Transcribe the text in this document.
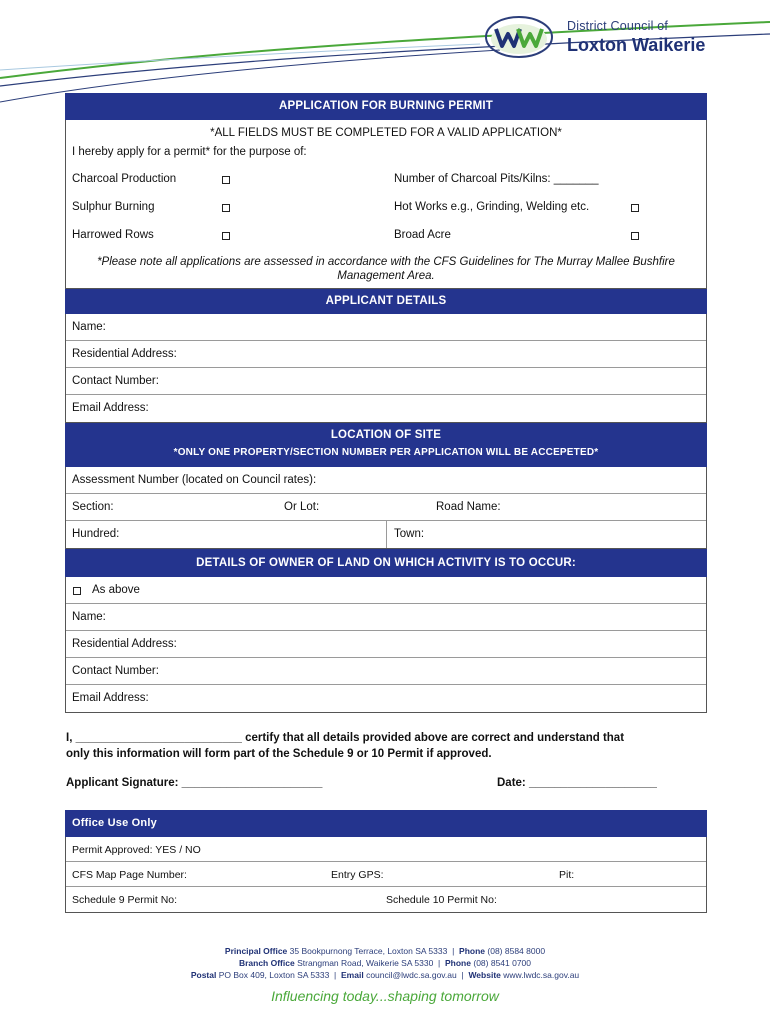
District Council of
Loxton Waikerie
APPLICATION FOR BURNING PERMIT
*ALL FIELDS MUST BE COMPLETED FOR A VALID APPLICATION*
I hereby apply for a permit* for the purpose of:
Charcoal Production	Number of Charcoal Pits/Kilns: _______
Sulphur Burning	Hot Works e.g., Grinding, Welding etc.
Harrowed Rows	Broad Acre
*Please note all applications are assessed in accordance with the CFS Guidelines for The Murray Mallee Bushfire Management Area.
APPLICANT DETAILS
Name:
Residential Address:
Contact Number:
Email Address:
LOCATION OF SITE
*ONLY ONE PROPERTY/SECTION NUMBER PER APPLICATION WILL BE ACCEPETED*
Assessment Number (located on Council rates):
Section:	Or Lot:	Road Name:
Hundred:	Town:
DETAILS OF OWNER OF LAND ON WHICH ACTIVITY IS TO OCCUR:
As above
Name:
Residential Address:
Contact Number:
Email Address:
I, __________________________ certify that all details provided above are correct and understand that
only this information will form part of the Schedule 9 or 10 Permit if approved.
Applicant Signature: ______________________	Date: ____________________
Office Use Only
Permit Approved: YES / NO
CFS Map Page Number:	Entry GPS:	Pit:
Schedule 9 Permit No:	Schedule 10 Permit No:
Principal Office 35 Bookpurnong Terrace, Loxton SA 5333 | Phone (08) 8584 8000
Branch Office Strangman Road, Waikerie SA 5330 | Phone (08) 8541 0700
Postal PO Box 409, Loxton SA 5333 | Email council@lwdc.sa.gov.au | Website www.lwdc.sa.gov.au
Influencing today...shaping tomorrow
